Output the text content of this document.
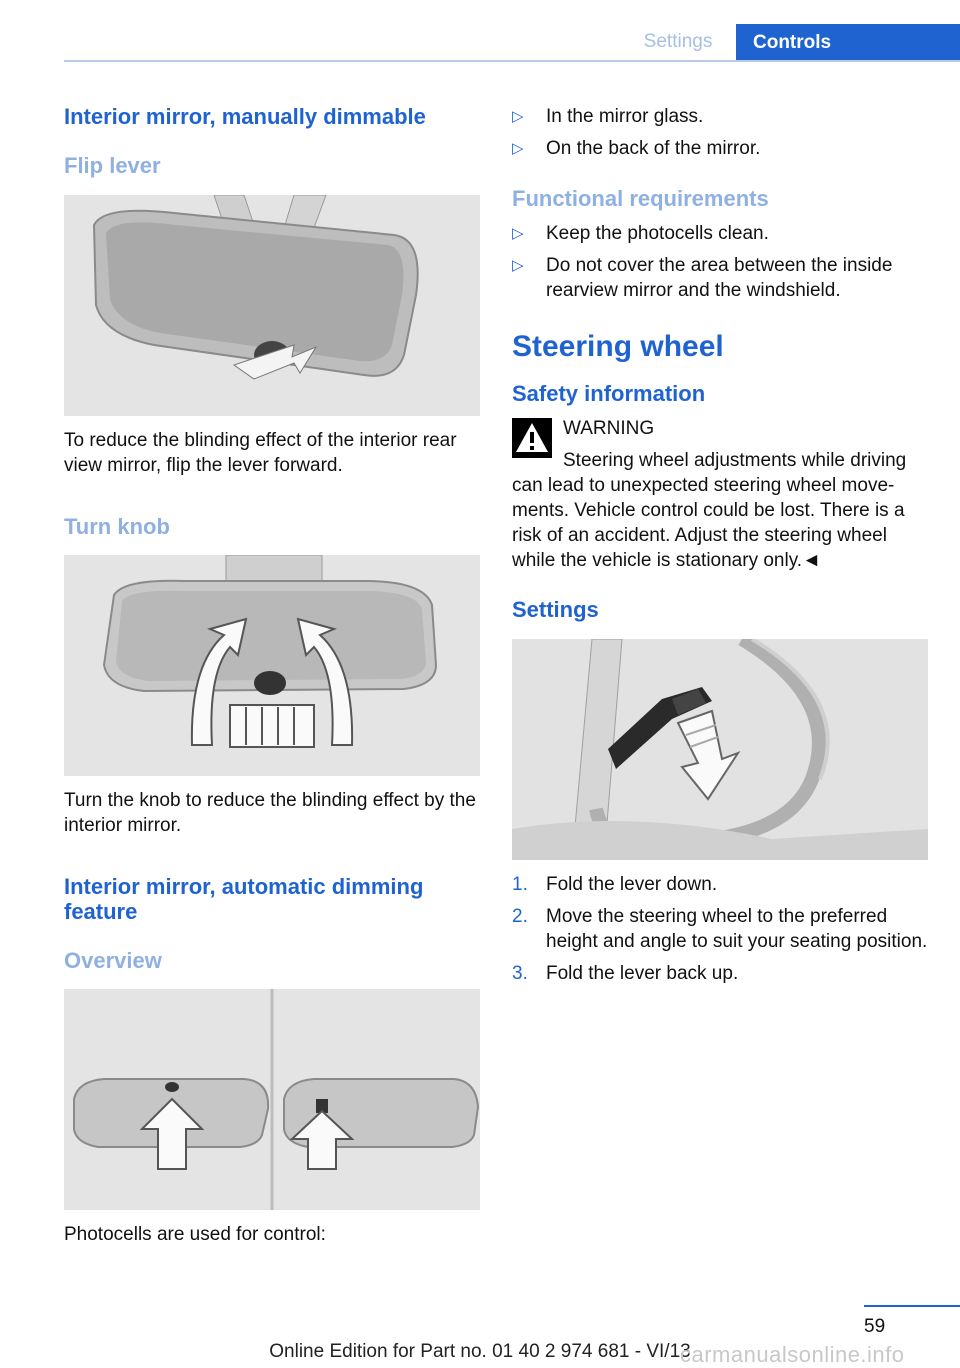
Settings	Controls
Interior mirror, manually dimmable
Flip lever

To reduce the blinding effect of the interior rear view mirror, flip the lever forward.

Turn knob

Turn the knob to reduce the blinding effect by the interior mirror.

Interior mirror, automatic dimming feature
Overview

Photocells are used for control:

▷ In the mirror glass.
▷ On the back of the mirror.
Functional requirements
▷ Keep the photocells clean.
▷ Do not cover the area between the inside rearview mirror and the windshield.
Steering wheel
Safety information
WARNING

Steering wheel adjustments while driving can lead to unexpected steering wheel movements. Vehicle control could be lost. There is a risk of an accident. Adjust the steering wheel while the vehicle is stationary only.◄

Settings
1. Fold the lever down.
2. Move the steering wheel to the preferred height and angle to suit your seating position.
3. Fold the lever back up.
59
Online Edition for Part no. 01 40 2 974 681 - VI/13
carmanualsonline.info
